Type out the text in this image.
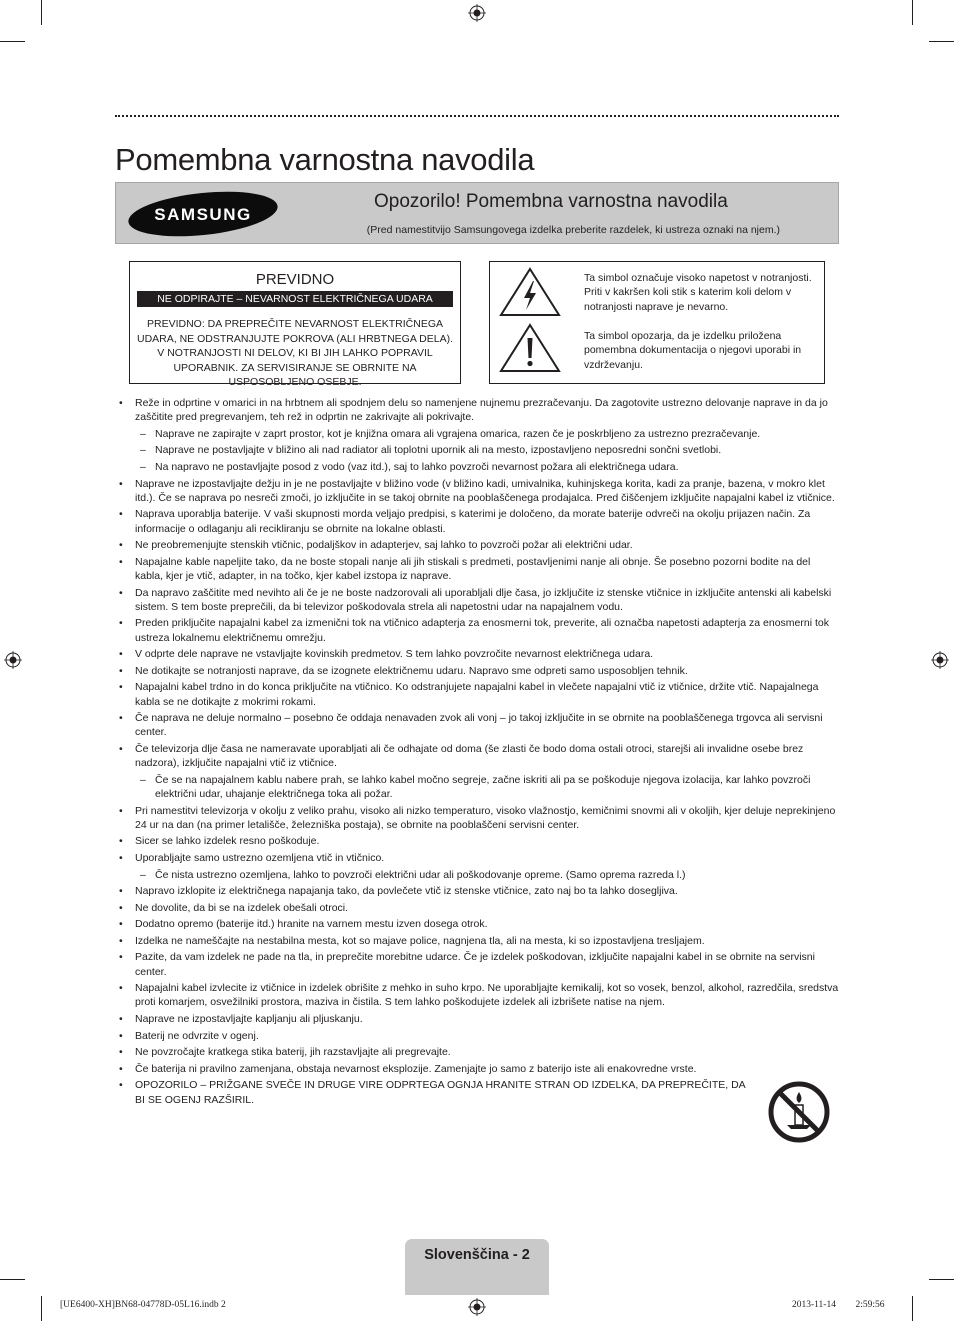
Pomembna varnostna navodila
SAMSUNG
Opozorilo! Pomembna varnostna navodila
(Pred namestitvijo Samsungovega izdelka preberite razdelek, ki ustreza oznaki na njem.)
PREVIDNO
NE ODPIRAJTE – NEVARNOST ELEKTRIČNEGA UDARA
PREVIDNO: DA PREPREČITE NEVARNOST ELEKTRIČNEGA UDARA, NE ODSTRANJUJTE POKROVA (ALI HRBTNEGA DELA). V NOTRANJOSTI NI DELOV, KI BI JIH LAHKO POPRAVIL UPORABNIK. ZA SERVISIRANJE SE OBRNITE NA USPOSOBLJENO OSEBJE.
Ta simbol označuje visoko napetost v notranjosti. Priti v kakršen koli stik s katerim koli delom v notranjosti naprave je nevarno.
Ta simbol opozarja, da je izdelku priložena pomembna dokumentacija o njegovi uporabi in vzdrževanju.
• Reže in odprtine v omarici in na hrbtnem ali spodnjem delu so namenjene nujnemu prezračevanju. Da zagotovite ustrezno delovanje naprave in da jo zaščitite pred pregrevanjem, teh rež in odprtin ne zakrivajte ali pokrivajte.
– Naprave ne zapirajte v zaprt prostor, kot je knjižna omara ali vgrajena omarica, razen če je poskrbljeno za ustrezno prezračevanje.
– Naprave ne postavljajte v bližino ali nad radiator ali toplotni upornik ali na mesto, izpostavljeno neposredni sončni svetlobi.
– Na napravo ne postavljajte posod z vodo (vaz itd.), saj to lahko povzroči nevarnost požara ali električnega udara.
• Naprave ne izpostavljajte dežju in je ne postavljajte v bližino vode (v bližino kadi, umivalnika, kuhinjskega korita, kadi za pranje, bazena, v mokro klet itd.). Če se naprava po nesreči zmoči, jo izključite in se takoj obrnite na pooblaščenega prodajalca. Pred čiščenjem izključite napajalni kabel iz vtičnice.
• Naprava uporablja baterije. V vaši skupnosti morda veljajo predpisi, s katerimi je določeno, da morate baterije odvreči na okolju prijazen način. Za informacije o odlaganju ali recikliranju se obrnite na lokalne oblasti.
• Ne preobremenjujte stenskih vtičnic, podaljškov in adapterjev, saj lahko to povzroči požar ali električni udar.
• Napajalne kable napeljite tako, da ne boste stopali nanje ali jih stiskali s predmeti, postavljenimi nanje ali obnje. Še posebno pozorni bodite na del kabla, kjer je vtič, adapter, in na točko, kjer kabel izstopa iz naprave.
• Da napravo zaščitite med nevihto ali če je ne boste nadzorovali ali uporabljali dlje časa, jo izključite iz stenske vtičnice in izključite antenski ali kabelski sistem. S tem boste preprečili, da bi televizor poškodovala strela ali napetostni udar na napajalnem vodu.
• Preden priključite napajalni kabel za izmenični tok na vtičnico adapterja za enosmerni tok, preverite, ali označba napetosti adapterja za enosmerni tok ustreza lokalnemu električnemu omrežju.
• V odprte dele naprave ne vstavljajte kovinskih predmetov. S tem lahko povzročite nevarnost električnega udara.
• Ne dotikajte se notranjosti naprave, da se izognete električnemu udaru. Napravo sme odpreti samo usposobljen tehnik.
• Napajalni kabel trdno in do konca priključite na vtičnico. Ko odstranjujete napajalni kabel in vlečete napajalni vtič iz vtičnice, držite vtič. Napajalnega kabla se ne dotikajte z mokrimi rokami.
• Če naprava ne deluje normalno – posebno če oddaja nenavaden zvok ali vonj – jo takoj izključite in se obrnite na pooblaščenega trgovca ali servisni center.
• Če televizorja dlje časa ne nameravate uporabljati ali če odhajate od doma (še zlasti če bodo doma ostali otroci, starejši ali invalidne osebe brez nadzora), izključite napajalni vtič iz vtičnice.
– Če se na napajalnem kablu nabere prah, se lahko kabel močno segreje, začne iskriti ali pa se poškoduje njegova izolacija, kar lahko povzroči električni udar, uhajanje električnega toka ali požar.
• Pri namestitvi televizorja v okolju z veliko prahu, visoko ali nizko temperaturo, visoko vlažnostjo, kemičnimi snovmi ali v okoljih, kjer deluje neprekinjeno 24 ur na dan (na primer letališče, železniška postaja), se obrnite na pooblaščeni servisni center.
• Sicer se lahko izdelek resno poškoduje.
• Uporabljajte samo ustrezno ozemljena vtič in vtičnico.
– Če nista ustrezno ozemljena, lahko to povzroči električni udar ali poškodovanje opreme. (Samo oprema razreda l.)
• Napravo izklopite iz električnega napajanja tako, da povlečete vtič iz stenske vtičnice, zato naj bo ta lahko dosegljiva.
• Ne dovolite, da bi se na izdelek obešali otroci.
• Dodatno opremo (baterije itd.) hranite na varnem mestu izven dosega otrok.
• Izdelka ne nameščajte na nestabilna mesta, kot so majave police, nagnjena tla, ali na mesta, ki so izpostavljena tresljajem.
• Pazite, da vam izdelek ne pade na tla, in preprečite morebitne udarce. Če je izdelek poškodovan, izključite napajalni kabel in se obrnite na servisni center.
• Napajalni kabel izvlecite iz vtičnice in izdelek obrišite z mehko in suho krpo. Ne uporabljajte kemikalij, kot so vosek, benzol, alkohol, razredčila, sredstva proti komarjem, osvežilniki prostora, maziva in čistila. S tem lahko poškodujete izdelek ali izbrišete natise na njem.
• Naprave ne izpostavljajte kapljanju ali pljuskanju.
• Baterij ne odvrzite v ogenj.
• Ne povzročajte kratkega stika baterij, jih razstavljajte ali pregrevajte.
• Če baterija ni pravilno zamenjana, obstaja nevarnost eksplozije. Zamenjajte jo samo z baterijo iste ali enakovredne vrste.
• OPOZORILO – PRIŽGANE SVEČE IN DRUGE VIRE ODPRTEGA OGNJA HRANITE STRAN OD IZDELKA, DA PREPREČITE, DA BI SE OGENJ RAZŠIRIL.
Slovenščina - 2
[UE6400-XH]BN68-04778D-05L16.indb 2	2013-11-14 ￿￿ 2:59:56
